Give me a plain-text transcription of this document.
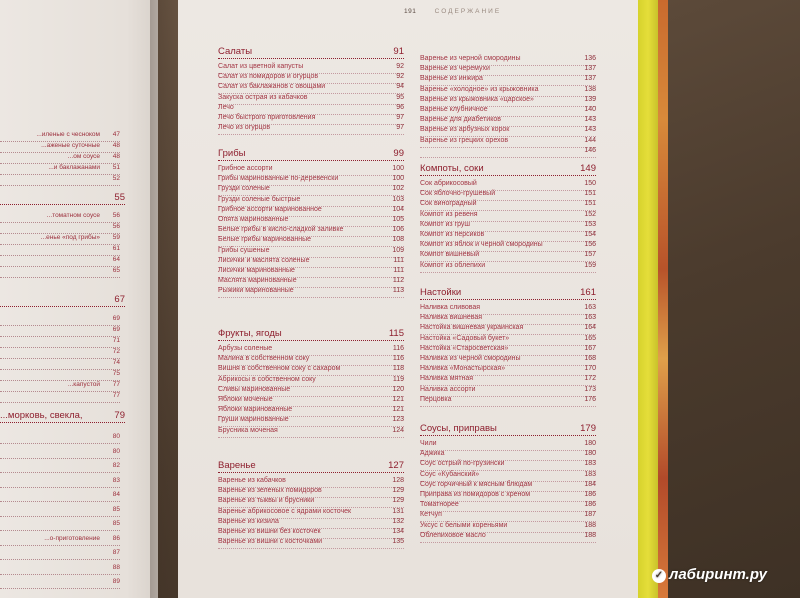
...иленые с чесноком 47
...аженые суточные 48
...ом соусе 48
...и баклажанами 51
52
55
...томатном соусе 56
56
...енье «под грибы» 59
61
64
65
67
69
69
71
72
74
75
...капустой 77
77
...морковь, свекла,	79
80
80
82
83
84
85
85
...о-приготовление 86
87
88
89
Салаты	91
Салат из цветной капусты	92
Салат из помидоров и огурцов	92
Салат из баклажанов с овощами	94
Закуска острая из кабачков	95
Лечо	96
Лечо быстрого приготовления	97
Лечо из огурцов	97
Грибы	99
Грибное ассорти	100
Грибы маринованные по-деревенски	100
Грузди соленые	102
Грузди соленые быстрые	103
Грибное ассорти маринованное	104
Опята маринованные	105
Белые грибы в кисло-сладкой заливке	106
Белые грибы маринованные	108
Грибы сушеные	109
Лисички и маслята соленые	111
Лисички маринованные	111
Маслята маринованные	112
Рыжики маринованные	113
Фрукты, ягоды	115
Арбузы соленые	116
Малина в собственном соку	116
Вишня в собственном соку с сахаром	118
Абрикосы в собственном соку	119
Сливы маринованные	120
Яблоки моченые	121
Яблоки маринованные	121
Груши маринованные	123
Брусника моченая	124
Варенье	127
Варенье из кабачков	128
Варенье из зеленых помидоров	129
Варенье из тыквы и брусники	129
Варенье абрикосовое с ядрами косточек	131
Варенье из кизила	132
Варенье из вишни без косточек	134
Варенье из вишни с косточками	135
Варенье из черной смородины	136
Варенье из черемухи	137
Варенье из инжира	137
Варенье «холодное» из крыжовника	138
Варенье из крыжовника «царское»	139
Варенье клубничное	140
Варенье для диабетиков	143
Варенье из арбузных корок	143
Варенье из грецких орехов	144
146
Компоты, соки	149
Сок абрикосовый	150
Сок яблочно-грушевый	151
Сок виноградный	151
Компот из ревеня	152
Компот из груш	153
Компот из персиков	154
Компот из яблок и черной смородины	156
Компот вишневый	157
Компот из облепихи	159
Настойки	161
Наливка сливовая	163
Наливка вишневая	163
Настойка вишневая украинская	164
Настойка «Садовый букет»	165
Настойка «Старосветская»	167
Наливка из черной смородины	168
Наливка «Монастырская»	170
Наливка мятная	172
Наливка ассорти	173
Перцовка	176
Соусы, приправы	179
Чили	180
Аджика	180
Соус острый по-грузински	183
Соус «Кубанский»	183
Соус горчичный к мясным блюдам	184
Приправа из помидоров с хреном	186
Томатнорее	186
Кетчуп	187
Уксус с белыми кореньями	188
Облепиховое масло	188
191	СОДЕРЖАНИЕ
✓ лабиринт.ру
